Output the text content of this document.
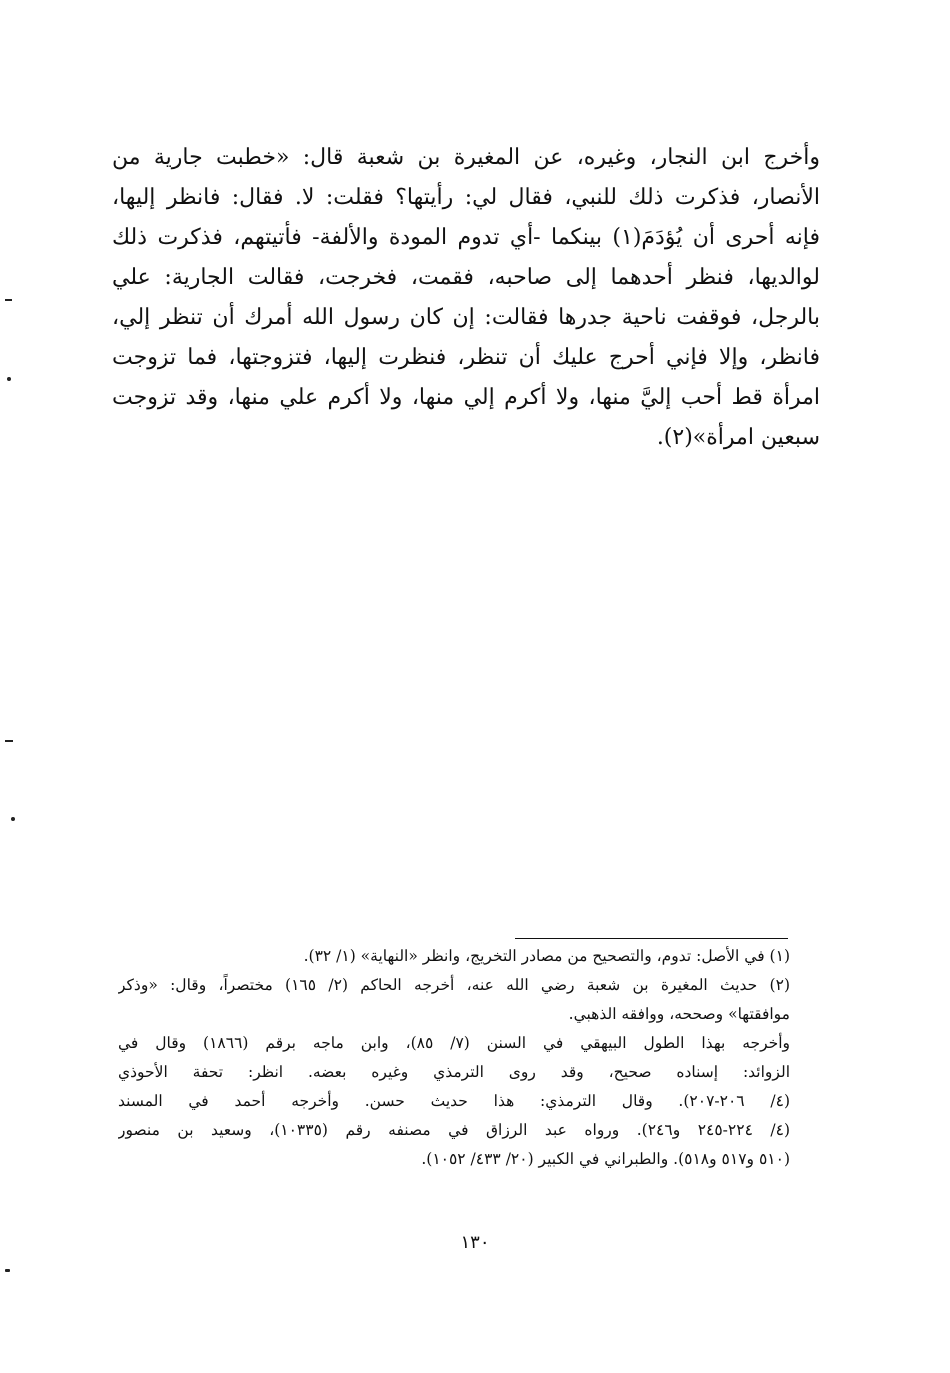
وأخرج ابن النجار، وغيره، عن المغيرة بن شعبة قال: «خطبت جارية من
الأنصار، فذكرت ذلك للنبي، فقال لي: رأيتها؟ فقلت: لا. فقال: فانظر إليها،
فإنه أحرى أن يُؤدَمَ(١) بينكما -أي تدوم المودة والألفة- فأتيتهم، فذكرت ذلك
لوالديها، فنظر أحدهما إلى صاحبه، فقمت، فخرجت، فقالت الجارية: علي
بالرجل، فوقفت ناحية جدرها فقالت: إن كان رسول الله أمرك أن تنظر إلي،
فانظر، وإلا فإني أحرج عليك أن تنظر، فنظرت إليها، فتزوجتها، فما تزوجت
امرأة قط أحب إليَّ منها، ولا أكرم إلي منها، ولا أكرم علي منها، وقد تزوجت
سبعين امرأة»(٢).
(١) في الأصل: تدوم، والتصحيح من مصادر التخريج، وانظر «النهاية» (١/ ٣٢).
(٢) حديث المغيرة بن شعبة رضي الله عنه، أخرجه الحاكم (٢/ ١٦٥) مختصراً، وقال: «وذكر
موافقتها» وصححه، ووافقه الذهبي.
وأخرجه بهذا الطول البيهقي في السنن (٧/ ٨٥)، وابن ماجه برقم (١٨٦٦) وقال في
الزوائد: إسناده صحيح، وقد روى الترمذي وغيره بعضه. انظر: تحفة الأحوذي
(٤/ ٢٠٦-٢٠٧). وقال الترمذي: هذا حديث حسن. وأخرجه أحمد في المسند
(٤/ ٢٢٤-٢٤٥ و٢٤٦). ورواه عبد الرزاق في مصنفه رقم (١٠٣٣٥)، وسعيد بن منصور
(٥١٠ و٥١٧ و٥١٨). والطبراني في الكبير (٢٠/ ٤٣٣/ ١٠٥٢).
١٣٠
